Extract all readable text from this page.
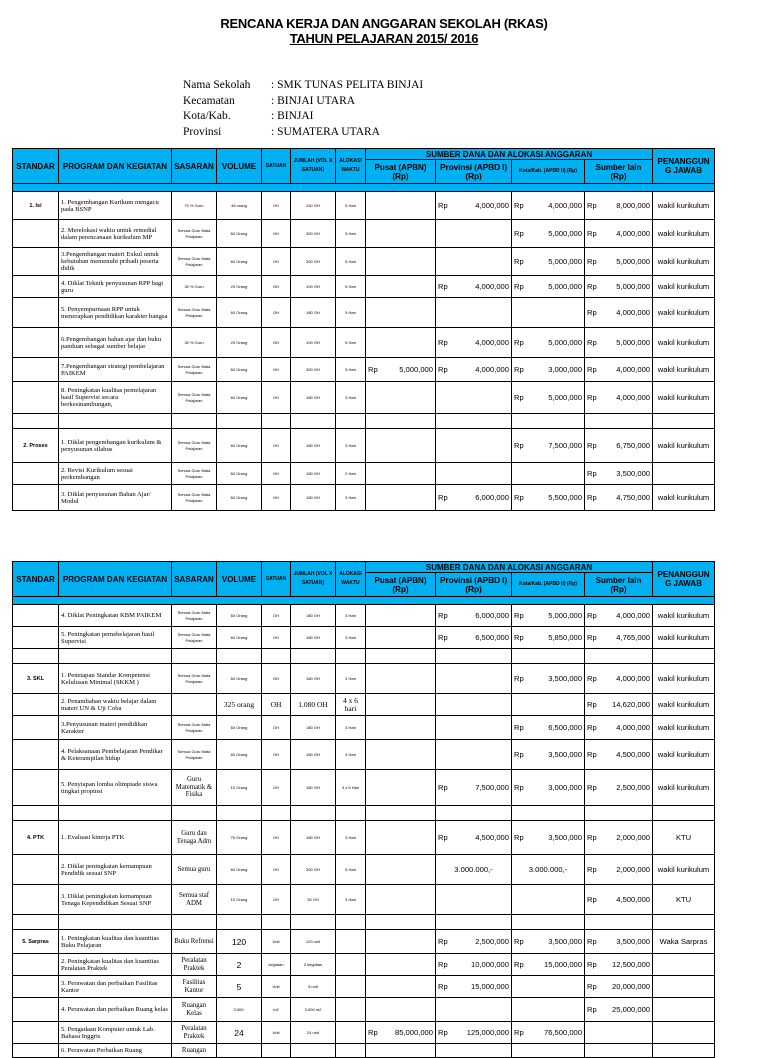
RENCANA KERJA DAN ANGGARAN SEKOLAH (RKAS)
TAHUN PELAJARAN 2015/ 2016
Nama Sekolah	: SMK TUNAS PELITA BINJAI
Kecamatan	: BINJAI UTARA
Kota/Kab.	: BINJAI
Provinsi	: SUMATERA UTARA
STANDAR	PROGRAM DAN KEGIATAN	SASARAN	VOLUME	SATUAN	JUMLAH (VOL X SATUAN)	ALOKASI WAKTU	SUMBER DANA DAN ALOKASI ANGGARAN				PENANGGUN G JAWAB
							Pusat (APBN) (Rp)	Provinsi (APBD I) (Rp)	Kota/Kab. (APBD II) (Rp)	Sumber lain (Rp)	

1. Isi	1. Pengembangan Kurikum mengacu pada BSNP	70 % Guru	48 orang	OH	240 OH	5 Hari		Rp 4,000,000	Rp 4,000,000	Rp 8,000,000	wakil kurikulum
	2. Merelokasi waktu untuk remedial dalam perencanaan kurikulum MP	Semua Guru Mata Pelajaran	60 Orang	OH	300 OH	5 Hari			Rp 5,000,000	Rp 4,000,000	wakil kurikulum
	3.Pengembangan materi Exkul untuk kebutuhan memenuhi pribadi peserta didik	Semua Guru Mata Pelajaran	60 Orang	OH	300 OH	5 Hari			Rp 5,000,000	Rp 5,000,000	wakil kurikulum
	4. Diklat Teknik penyusunan RPP bagi guru	30 % Guru	20 Orang	OH	100 OH	5 Hari		Rp 4,000,000	Rp 5,000,000	Rp 5,000,000	wakil kurikulum
	5. Penyempurnaan RPP untuk menerapkan pendidikan karakter bangsa	Semua Guru Mata Pelajaran	60 Orang	OH	180 OH	3 Hari				Rp 4,000,000	wakil kurikulum
	6.Pengembangan bahan ajar dan buku panduan sebagai sumber belajar	30 % Guru	20 Orang	OH	100 OH	5 Hari		Rp 4,000,000	Rp 5,000,000	Rp 5,000,000	wakil kurikulum
	7.Pengembangan strategi pembelajaran PAIKEM	Semua Guru Mata Pelajaran	60 Orang	OH	300 OH	5 Hari	Rp 5,000,000	Rp 4,000,000	Rp 3,000,000	Rp 4,000,000	wakil kurikulum
	8. Peningkatan kualitas pemelajaran hasil Supervisi secara berkesinambungan,	Semua Guru Mata Pelajaran	60 Orang	OH	180 OH	3 Hari			Rp 5,000,000	Rp 4,000,000	wakil kurikulum

2. Proses	1. Diklat pengembangan kurikulum & penyusunan silabus	Semua Guru Mata Pelajaran	60 Orang	OH	180 OH	3 Hari			Rp 7,500,000	Rp 6,750,000	wakil kurikulum
	2. Revisi Kurikulum sesuai perkembangan	Semua Guru Mata Pelajaran	60 Orang	OH	180 OH	2 Hari				Rp 3,500,000	

	3. Diklat penyusunan Bahan Ajar/ Modul	Semua Guru Mata Pelajaran	60 Orang	OH	180 OH	3 Hari		Rp 6,000,000	Rp 5,500,000	Rp 4,750,000	wakil kurikulum
STANDAR	PROGRAM DAN KEGIATAN	SASARAN	VOLUME	SATUAN	JUMLAH (VOL X SATUAN)	ALOKASI WAKTU	SUMBER DANA DAN ALOKASI ANGGARAN				PENANGGUN G JAWAB
							Pusat (APBN) (Rp)	Provinsi (APBD I) (Rp)	Kota/Kab. (APBD II) (Rp)	Sumber lain (Rp)	

	4. Diklat Peningkatan KBM PAIKEM	Semua Guru Mata Pelajaran	60 Orang	OH	180 OH	3 Hari		Rp 6,000,000	Rp 5,000,000	Rp 4,000,000	wakil kurikulum
	5. Peningkatan pemebelajaran hasil Supervisi	Semua Guru Mata Pelajaran	60 Orang	OH	180 OH	3 Hari		Rp 6,500,000	Rp 5,850,000	Rp 4,765,000	wakil kurikulum

3. SKL	1. Penetapan Standar Kompetensi Kelulusan Minimal (SKKM )	Semua Guru Mata Pelajaran	60 Orang	OH	180 OH	3 Hari			Rp 3,500,000	Rp 4,000,000	wakil kurikulum
	2. Penambahan waktu belajar dalam materi UN & Uji Coba		325 orang	OH	1.080 OH	4 x 6 hari				Rp 14,620,000	wakil kurikulum
	3.Penyusunan materi pendidikan Karakter	Semua Guru Mata Pelajaran	60 Orang	OH	180 OH	3 Hari			Rp 6,500,000	Rp 4,000,000	wakil kurikulum
	4. Pelaksanaan Pembelajaran Pendikar & Keterampilan hidup	Semua Guru Mata Pelajaran	60 Orang	OH	180 OH	3 Hari			Rp 3,500,000	Rp 4,500,000	wakil kurikulum
	5. Penyiapan lomba olimpiade siswa tingkat propinsi	Guru Matematik & Fisika	10 Orang	OH	180 OH	3 x 6 Hari		Rp 7,500,000	Rp 3,000,000	Rp 2,500,000	wakil kurikulum

4. PTK	1. Evaluasi kinerja PTK	Guru dan Tenaga Adm	76 Orang	OH	180 OH	3 Hari		Rp 4,500,000	Rp 3,500,000	Rp 2,000,000	KTU
	2. Diklat peningkatan kemampuan Pendidik sesuai SNP	Semua guru	60 Orang	OH	300 OH	5 Hari		3.000.000,-	3.000.000,-	Rp 2,000,000	wakil kurikulum
	3. Diklat peningkatan kemampuan Tenaga Kependidikan Sesuai SNP	Semua staf ADM	10 Orang	OH	30 OH	3 Hari				Rp 4,500,000	KTU

5. Sarpras	1. Peningkatan kualitas dan kuantitas Buku Pelajaran	Buku Refrensi	120	Unit	120 unit			Rp 2,500,000	Rp 3,500,000	Rp 3,500,000	Waka Sarpras
	2. Peningkatan kualitas dan kuantitas Peralatan Praktek	Peralatan Praktek	2	kegiatan	2 kegiatan			Rp 10,000,000	Rp 15,000,000	Rp 12,500,000	

	3. Perawatan dan perbaikan Fasilitas Kantor	Fasilitas Kantor	5	Unit	5 unit			Rp 15,000,000		Rp 20,000,000	

	4. Perawatan dan perbaikan Ruang kelas	Ruangan Kelas	3.000.	m2	3.000 m2					Rp 25,000,000	

	5. Pengadaan Komputer untuk Lab. Bahasa Inggris	Peralatan Praktek	24	Unit	24 unit		Rp 85,000,000	Rp 125,000,000	Rp 76,500,000		

	6. Perawatan Perbaikan Ruang	Ruangan									
